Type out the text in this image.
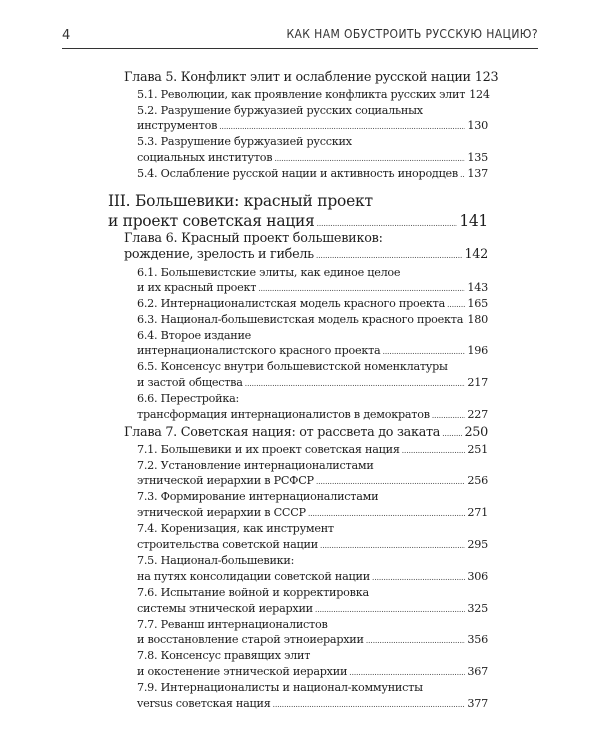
4	КАК НАМ ОБУСТРОИТЬ РУССКУЮ НАЦИЮ?
Глава 5. Конфликт элит и ослабление русской нации 123
5.1. Революции, как проявление конфликта русских элит 124
5.2. Разрушение буржуазией русских социальных
инструментов . . .	130
5.3. Разрушение буржуазией русских
социальных институтов . . .	135
5.4. Ослабление русской нации и активность инородцев . . . 137
III. Большевики: красный проект
и проект советская нация . . .	141
Глава 6. Красный проект большевиков:
рождение, зрелость и гибель . . .	142
6.1. Большевистские элиты, как единое целое
и их красный проект . . .	143
6.2. Интернационалистская модель красного проекта . . . 165
6.3. Национал-большевистская модель красного проекта . . . 180
6.4. Второе издание
интернационалистского красного проекта . . .	196
6.5. Консенсус внутри большевистской номенклатуры
и застой общества . . .	217
6.6. Перестройка:
трансформация интернационалистов в демократов . . .	227
Глава 7. Советская нация: от рассвета до заката . . . 250
7.1. Большевики и их проект советская нация . . .	251
7.2. Установление интернационалистами
этнической иерархии в РСФСР . . .	256
7.3. Формирование интернационалистами
этнической иерархии в СССР . . .	271
7.4. Коренизация, как инструмент
строительства советской нации . . .	295
7.5. Национал-большевики:
на путях консолидации советской нации . . .	306
7.6. Испытание войной и корректировка
системы этнической иерархии . . .	325
7.7. Реванш интернационалистов
и восстановление старой этноиерархии . . .	356
7.8. Консенсус правящих элит
и окостенение этнической иерархии . . .	367
7.9. Интернационалисты и национал-коммунисты
versus советская нация . . .	377
